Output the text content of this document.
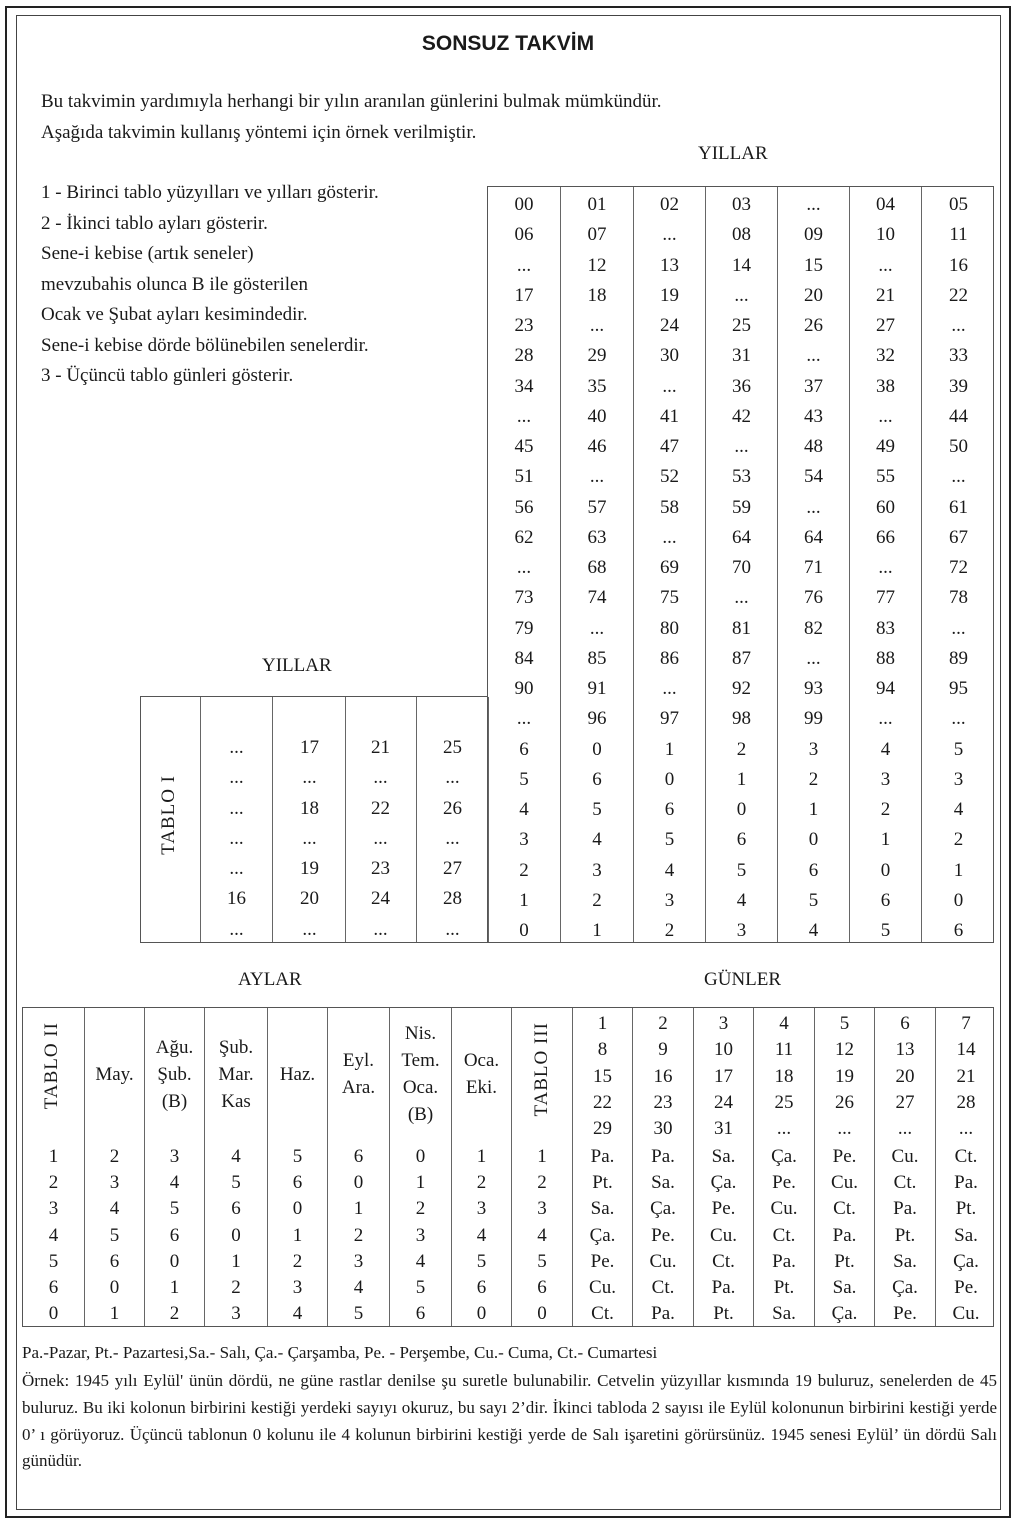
SONSUZ TAKVİM
Bu takvimin yardımıyla herhangi bir yılın aranılan günlerini bulmak mümkündür.
Aşağıda takvimin kullanış yöntemi için örnek verilmiştir.
YILLAR
1 - Birinci tablo yüzyılları ve yılları gösterir.
2 - İkinci tablo ayları gösterir.
Sene-i kebise (artık seneler)
mevzubahis olunca B ile gösterilen
Ocak ve Şubat ayları kesimindedir.
Sene-i kebise dörde bölünebilen senelerdir.
3 - Üçüncü tablo günleri gösterir.
00
06
...
17
23
28
34
...
45
51
56
62
...
73
79
84
90
...
6
5
4
3
2
1
0
01
07
12
18
...
29
35
40
46
...
57
63
68
74
...
85
91
96
0
6
5
4
3
2
1
02
...
13
19
24
30
...
41
47
52
58
...
69
75
80
86
...
97
1
0
6
5
4
3
2
03
08
14
...
25
31
36
42
...
53
59
64
70
...
81
87
92
98
2
1
0
6
5
4
3
...
09
15
20
26
...
37
43
48
54
...
64
71
76
82
...
93
99
3
2
1
0
6
5
4
04
10
...
21
27
32
38
...
49
55
60
66
...
77
83
88
94
...
4
3
2
1
0
6
5
05
11
16
22
...
33
39
44
50
...
61
67
72
78
...
89
95
...
5
3
4
2
1
0
6
YILLAR
TABLO I
...
...
...
...
...
16
...
17
...
18
...
19
20
...
21
...
22
...
23
24
...
25
...
26
...
27
28
...
AYLAR	GÜNLER
TABLO II
1
2
3
4
5
6
0
May.
2
3
4
5
6
0
1
Ağu.
Şub.
(B)
3
4
5
6
0
1
2
Şub.
Mar.
Kas
4
5
6
0
1
2
3
Haz.
5
6
0
1
2
3
4
Eyl.
Ara.
6
0
1
2
3
4
5
Nis.
Tem.
Oca.
(B)
0
1
2
3
4
5
6
Oca.
Eki.
1
2
3
4
5
6
0
TABLO III
1
2
3
4
5
6
0
1
8
15
22
29
Pa.
Pt.
Sa.
Ça.
Pe.
Cu.
Ct.
2
9
16
23
30
Pa.
Sa.
Ça.
Pe.
Cu.
Ct.
Pa.
3
10
17
24
31
Sa.
Ça.
Pe.
Cu.
Ct.
Pa.
Pt.
4
11
18
25
...
Ça.
Pe.
Cu.
Ct.
Pa.
Pt.
Sa.
5
12
19
26
...
Pe.
Cu.
Ct.
Pa.
Pt.
Sa.
Ça.
6
13
20
27
...
Cu.
Ct.
Pa.
Pt.
Sa.
Ça.
Pe.
7
14
21
28
...
Ct.
Pa.
Pt.
Sa.
Ça.
Pe.
Cu.
Pa.-Pazar, Pt.- Pazartesi,Sa.- Salı, Ça.- Çarşamba, Pe. - Perşembe, Cu.- Cuma, Ct.- Cumartesi
Örnek: 1945 yılı Eylül' ünün dördü, ne güne rastlar denilse şu suretle bulunabilir. Cetvelin yüzyıllar kısmında 19 buluruz, senelerden de 45 buluruz. Bu iki kolonun birbirini kestiği yerdeki sayıyı okuruz, bu sayı 2’dir. İkinci tabloda 2 sayısı ile Eylül kolonunun birbirini kestiği yerde 0’ ı görüyoruz. Üçüncü tablonun 0 kolunu ile 4 kolunun birbirini kestiği yerde de Salı işaretini görürsünüz. 1945 senesi Eylül’ ün dördü Salı günüdür.
